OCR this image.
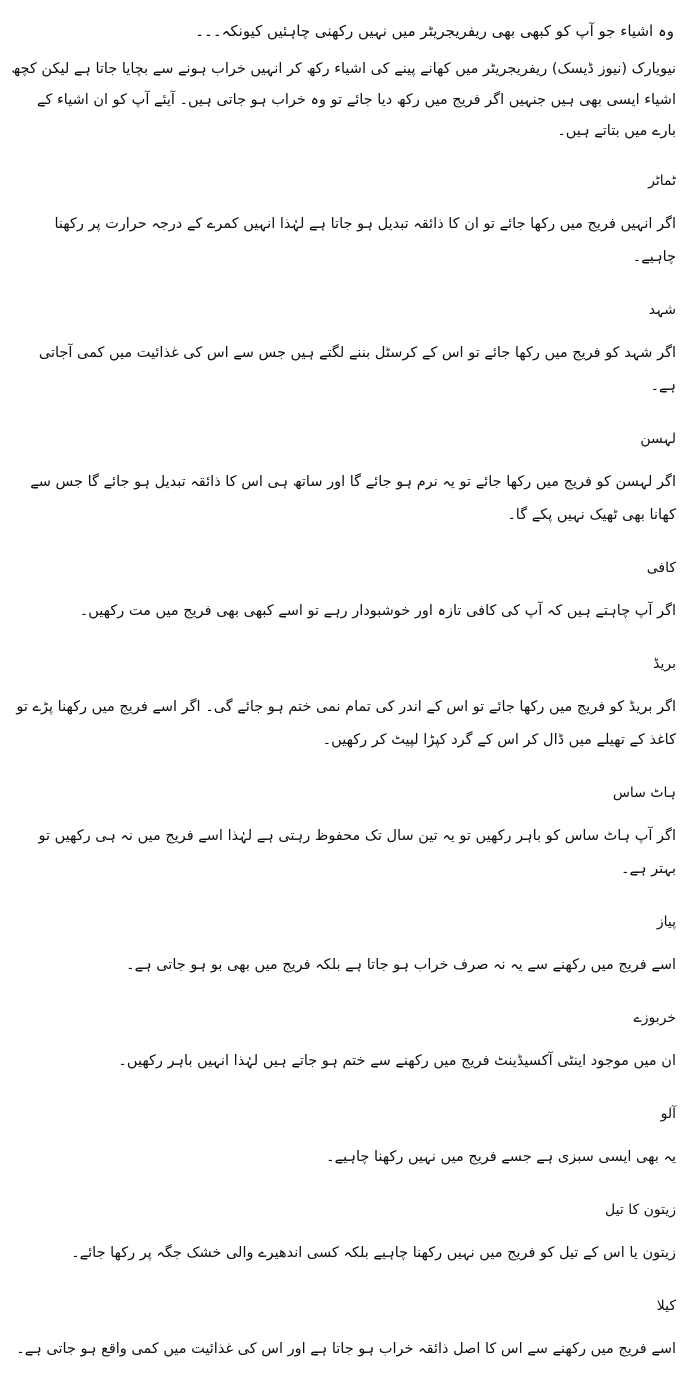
وہ اشیاء جو آپ کو کبھی بھی ریفریجریٹر میں نہیں رکھنی چاہئیں کیونکہ۔۔۔
نیویارک (نیوز ڈیسک) ریفریجریٹر میں کھانے پینے کی اشیاء رکھ کر انہیں خراب ہونے سے بچایا جاتا ہے لیکن کچھ اشیاء ایسی بھی ہیں جنہیں اگر فریج میں رکھ دیا جائے تو وہ خراب ہو جاتی ہیں۔ آیئے آپ کو ان اشیاء کے بارے میں بتاتے ہیں۔
ٹماٹر
اگر انہیں فریج میں رکھا جائے تو ان کا ذائقہ تبدیل ہو جاتا ہے لہٰذا انہیں کمرے کے درجہ حرارت پر رکھنا چاہیے۔
شہد
اگر شہد کو فریج میں رکھا جائے تو اس کے کرسٹل بننے لگتے ہیں جس سے اس کی غذائیت میں کمی آجاتی ہے۔
لہسن
اگر لہسن کو فریج میں رکھا جائے تو یہ نرم ہو جائے گا اور ساتھ ہی اس کا ذائقہ تبدیل ہو جائے گا جس سے کھانا بھی ٹھیک نہیں پکے گا۔
کافی
اگر آپ چاہتے ہیں کہ آپ کی کافی تازہ اور خوشبودار رہے تو اسے کبھی بھی فریج میں مت رکھیں۔
بریڈ
اگر بریڈ کو فریج میں رکھا جائے تو اس کے اندر کی تمام نمی ختم ہو جائے گی۔ اگر اسے فریج میں رکھنا پڑے تو کاغذ کے تھیلے میں ڈال کر اس کے گرد کپڑا لپیٹ کر رکھیں۔
ہاٹ ساس
اگر آپ ہاٹ ساس کو باہر رکھیں تو یہ تین سال تک محفوظ رہتی ہے لہٰذا اسے فریج میں نہ ہی رکھیں تو بہتر ہے۔
پیاز
اسے فریج میں رکھنے سے یہ نہ صرف خراب ہو جاتا ہے بلکہ فریج میں بھی بو ہو جاتی ہے۔
خربوزے
ان میں موجود اینٹی آکسیڈینٹ فریج میں رکھنے سے ختم ہو جاتے ہیں لہٰذا انہیں باہر رکھیں۔
آلو
یہ بھی ایسی سبزی ہے جسے فریج میں نہیں رکھنا چاہیے۔
زیتون کا تیل
زیتون یا اس کے تیل کو فریج میں نہیں رکھنا چاہیے بلکہ کسی اندھیرے والی خشک جگہ پر رکھا جائے۔
کیلا
اسے فریج میں رکھنے سے اس کا اصل ذائقہ خراب ہو جاتا ہے اور اس کی غذائیت میں کمی واقع ہو جاتی ہے۔
